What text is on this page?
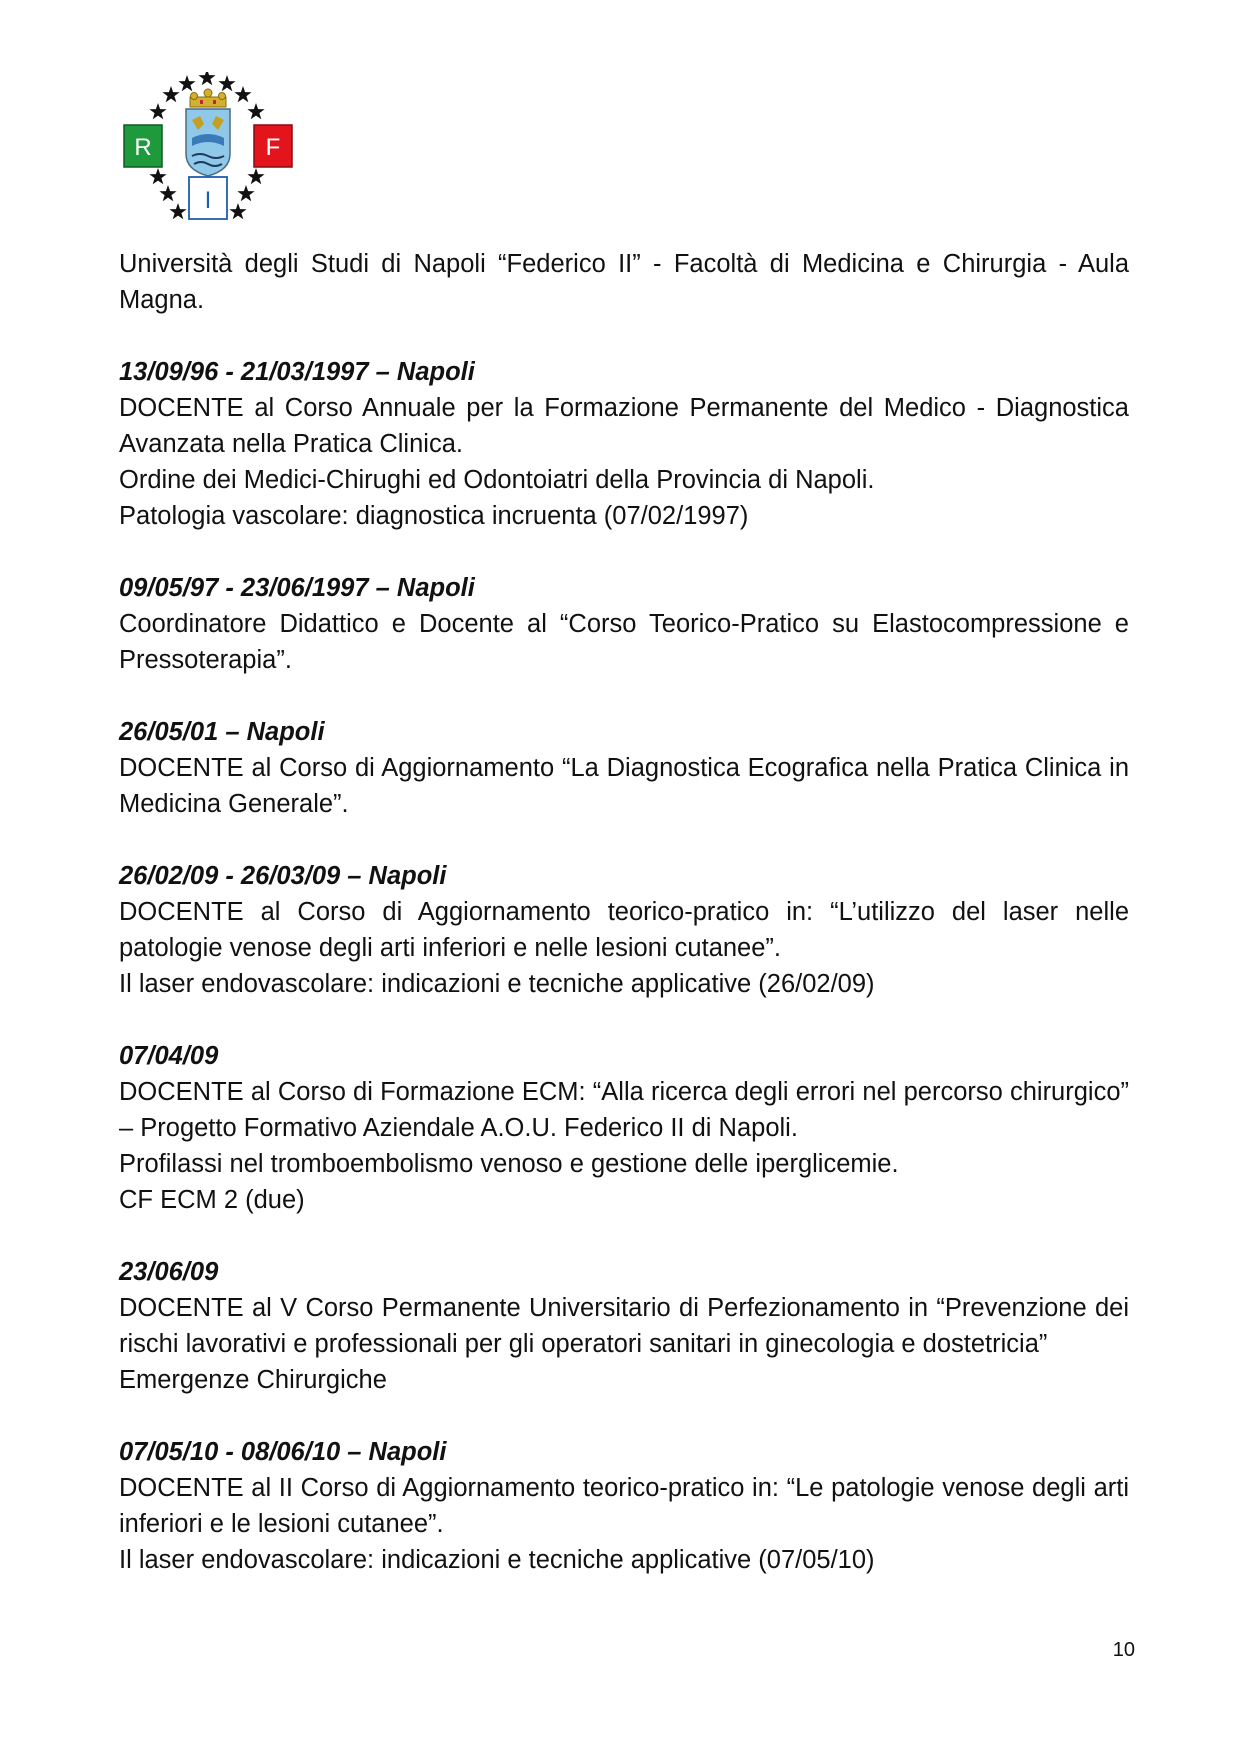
R	F
I

Università degli Studi di Napoli “Federico II” - Facoltà di Medicina e Chirurgia - Aula Magna.

13/09/96 - 21/03/1997 – Napoli

DOCENTE al Corso Annuale per la Formazione Permanente del Medico - Diagnostica Avanzata nella Pratica Clinica.

Ordine dei Medici-Chirughi ed Odontoiatri della Provincia di Napoli.

Patologia vascolare: diagnostica incruenta (07/02/1997)

09/05/97 - 23/06/1997 – Napoli

Coordinatore Didattico e Docente al “Corso Teorico-Pratico su Elastocompressione e Pressoterapia”.

26/05/01 – Napoli

DOCENTE al Corso di Aggiornamento “La Diagnostica Ecografica nella Pratica Clinica in Medicina Generale”.

26/02/09 - 26/03/09 – Napoli

DOCENTE al Corso di Aggiornamento teorico-pratico in: “L’utilizzo del laser nelle patologie venose degli arti inferiori e nelle lesioni cutanee”.

Il laser endovascolare: indicazioni e tecniche applicative (26/02/09)

07/04/09

DOCENTE al Corso di Formazione ECM: “Alla ricerca degli errori nel percorso chirurgico” – Progetto Formativo Aziendale A.O.U. Federico II di Napoli.

Profilassi nel tromboembolismo venoso e gestione delle iperglicemie.

CF ECM 2 (due)

23/06/09

DOCENTE al V Corso Permanente Universitario di Perfezionamento in “Prevenzione dei rischi lavorativi e professionali per gli operatori sanitari in ginecologia e dostetricia”

Emergenze Chirurgiche

07/05/10 - 08/06/10 – Napoli

DOCENTE al II Corso di Aggiornamento teorico-pratico in: “Le patologie venose degli arti inferiori e le lesioni cutanee”.

Il laser endovascolare: indicazioni e tecniche applicative (07/05/10)

10
